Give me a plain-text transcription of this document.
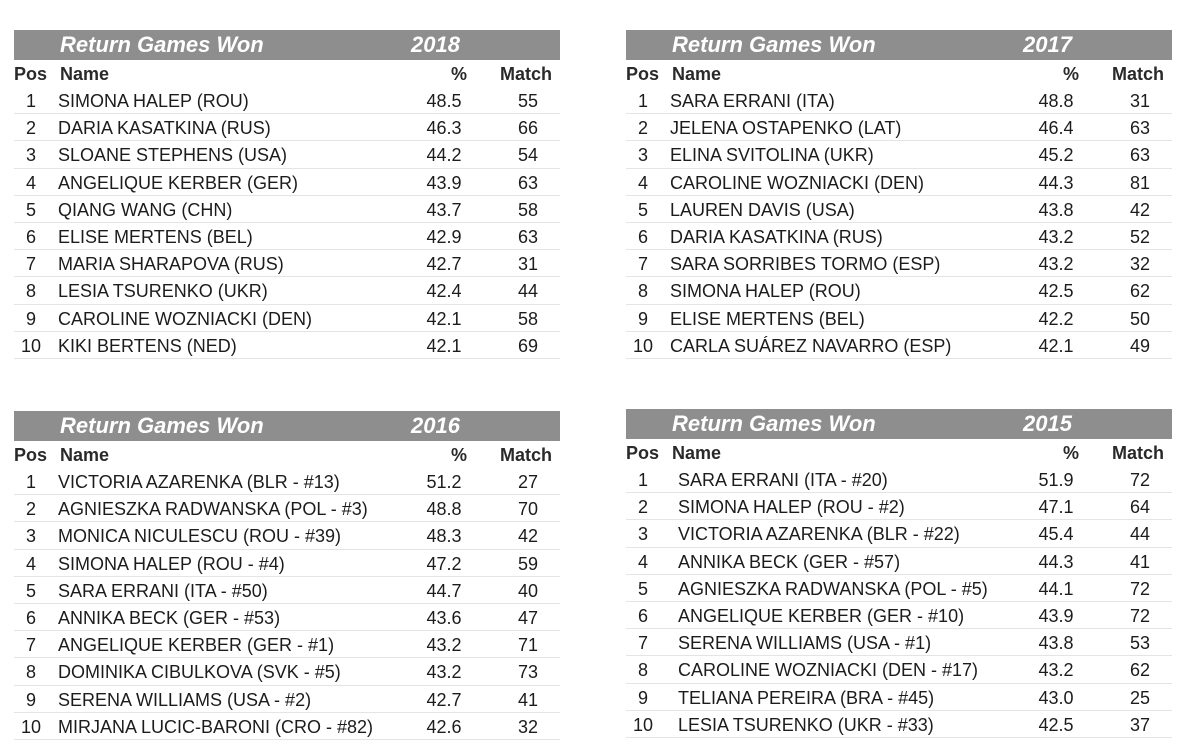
Return Games Won	2018
Pos Name	% Match
1	SIMONA HALEP (ROU)	48.5	55
2	DARIA KASATKINA (RUS)	46.3	66
3	SLOANE STEPHENS (USA)	44.2	54
4	ANGELIQUE KERBER (GER)	43.9	63
5	QIANG WANG (CHN)	43.7	58
6	ELISE MERTENS (BEL)	42.9	63
7	MARIA SHARAPOVA (RUS)	42.7	31
8	LESIA TSURENKO (UKR)	42.4	44
9	CAROLINE WOZNIACKI (DEN)	42.1	58
10 KIKI BERTENS (NED)	42.1	69
Return Games Won	2017
Pos Name	% Match
1	SARA ERRANI (ITA)	48.8	31
2	JELENA OSTAPENKO (LAT)	46.4	63
3	ELINA SVITOLINA (UKR)	45.2	63
4	CAROLINE WOZNIACKI (DEN)	44.3	81
5	LAUREN DAVIS (USA)	43.8	42
6	DARIA KASATKINA (RUS)	43.2	52
7	SARA SORRIBES TORMO (ESP)	43.2	32
8	SIMONA HALEP (ROU)	42.5	62
9	ELISE MERTENS (BEL)	42.2	50
10 CARLA SUÁREZ NAVARRO (ESP)	42.1	49
Return Games Won	2016
Pos Name	% Match
1	VICTORIA AZARENKA (BLR - #13)	51.2	27
2	AGNIESZKA RADWANSKA (POL - #3)	48.8	70
3	MONICA NICULESCU (ROU - #39)	48.3	42
4	SIMONA HALEP (ROU - #4)	47.2	59
5	SARA ERRANI (ITA - #50)	44.7	40
6	ANNIKA BECK (GER - #53)	43.6	47
7	ANGELIQUE KERBER (GER - #1)	43.2	71
8	DOMINIKA CIBULKOVA (SVK - #5)	43.2	73
9	SERENA WILLIAMS (USA - #2)	42.7	41
10 MIRJANA LUCIC-BARONI (CRO - #82)	42.6	32
Return Games Won	2015
Pos Name	% Match
1	SARA ERRANI (ITA - #20)	51.9	72
2	SIMONA HALEP (ROU - #2)	47.1	64
3	VICTORIA AZARENKA (BLR - #22)	45.4	44
4	ANNIKA BECK (GER - #57)	44.3	41
5	AGNIESZKA RADWANSKA (POL - #5)	44.1	72
6	ANGELIQUE KERBER (GER - #10)	43.9	72
7	SERENA WILLIAMS (USA - #1)	43.8	53
8	CAROLINE WOZNIACKI (DEN - #17)	43.2	62
9	TELIANA PEREIRA (BRA - #45)	43.0	25
10	LESIA TSURENKO (UKR - #33)	42.5	37
